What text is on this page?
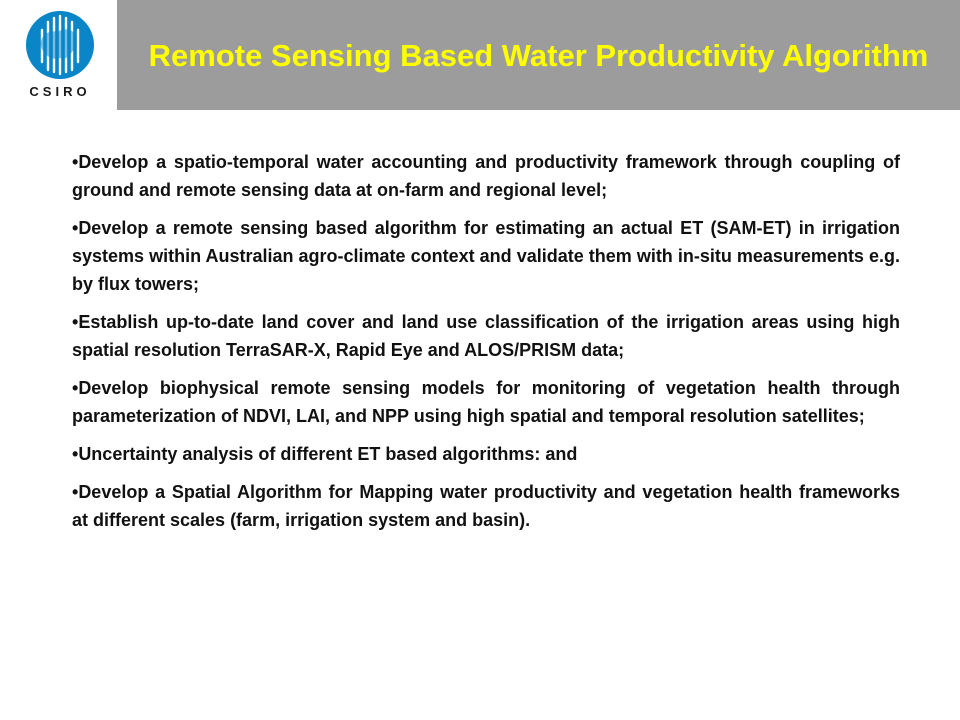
CSIRO
Remote Sensing Based Water Productivity Algorithm
•Develop a spatio-temporal water accounting and productivity framework through coupling of ground and remote sensing data at on-farm and regional level;
•Develop a remote sensing based algorithm for estimating an actual ET (SAM-ET) in irrigation systems within Australian agro-climate context and validate them with in-situ measurements e.g. by flux towers;
•Establish up-to-date land cover and land use classification of the irrigation areas using high spatial resolution TerraSAR-X, Rapid Eye and ALOS/PRISM data;
•Develop biophysical remote sensing models for monitoring of vegetation health through parameterization of NDVI, LAI, and NPP using high spatial and temporal resolution satellites;
•Uncertainty analysis of different ET based algorithms: and
•Develop a Spatial Algorithm for Mapping water productivity and vegetation health frameworks at different scales (farm, irrigation system and basin).
